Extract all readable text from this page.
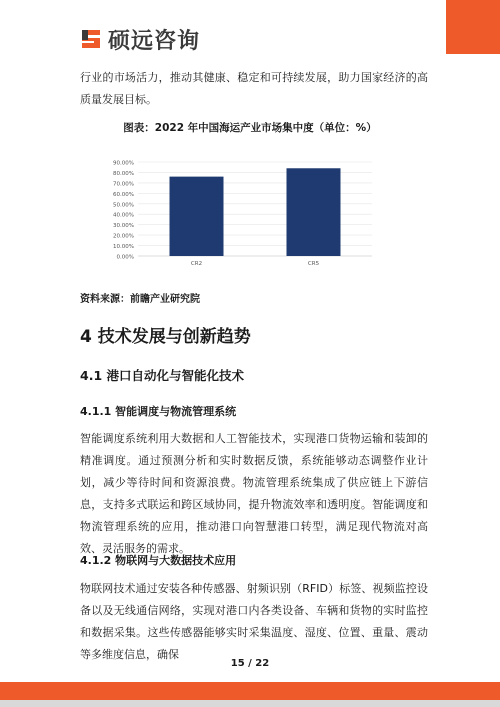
硕远咨询

行业的市场活力，推动其健康、稳定和可持续发展，助力国家经济的高质量发展目标。

图表：2022 年中国海运产业市场集中度（单位：%）
0.00%
10.00%
20.00%
30.00%
40.00%
50.00%
60.00%
70.00%
80.00%
90.00%
CR2	CR5
资料来源：前瞻产业研究院
4 技术发展与创新趋势
4.1 港口自动化与智能化技术
4.1.1 智能调度与物流管理系统

智能调度系统利用大数据和人工智能技术，实现港口货物运输和装卸的精准调度。通过预测分析和实时数据反馈，系统能够动态调整作业计划，减少等待时间和资源浪费。物流管理系统集成了供应链上下游信息，支持多式联运和跨区域协同，提升物流效率和透明度。智能调度和物流管理系统的应用，推动港口向智慧港口转型，满足现代物流对高效、灵活服务的需求。

4.1.2 物联网与大数据技术应用

物联网技术通过安装各种传感器、射频识别（RFID）标签、视频监控设备以及无线通信网络，实现对港口内各类设备、车辆和货物的实时监控和数据采集。这些传感器能够实时采集温度、湿度、位置、重量、震动等多维度信息，确保

15 / 22
